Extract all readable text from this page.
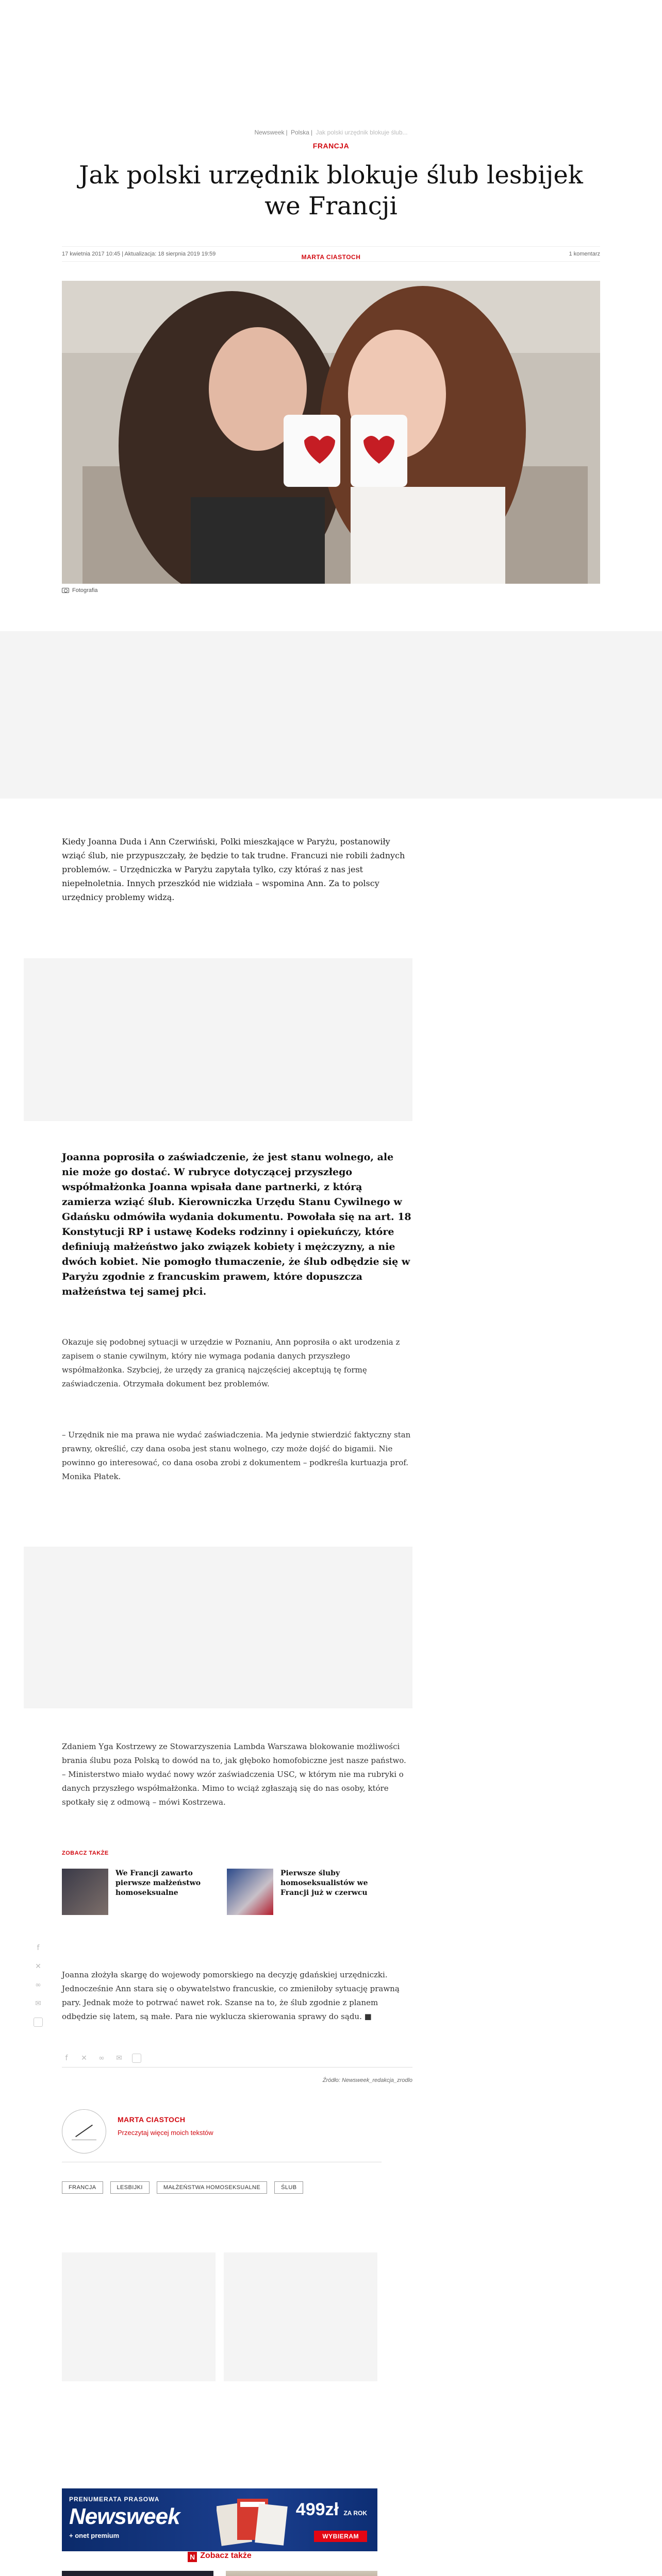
Newsweek | Polska | Jak polski urzędnik blokuje ślub...
FRANCJA
Jak polski urzędnik blokuje ślub lesbijek we Francji
17 kwietnia 2017 10:45 | Aktualizacja: 18 sierpnia 2019 19:59	1 komentarz
MARTA CIASTOCH
Fotografia
Kiedy Joanna Duda i Ann Czerwiński, Polki mieszkające w Paryżu, postanowiły wziąć ślub, nie przypuszczały, że będzie to tak trudne. Francuzi nie robili żadnych problemów. – Urzędniczka w Paryżu zapytała tylko, czy któraś z nas jest niepełnoletnia. Innych przeszkód nie widziała – wspomina Ann. Za to polscy urzędnicy problemy widzą.
Joanna poprosiła o zaświadczenie, że jest stanu wolnego, ale nie może go dostać. W rubryce dotyczącej przyszłego współmałżonka Joanna wpisała dane partnerki, z którą zamierza wziąć ślub. Kierowniczka Urzędu Stanu Cywilnego w Gdańsku odmówiła wydania dokumentu. Powołała się na art. 18 Konstytucji RP i ustawę Kodeks rodzinny i opiekuńczy, które definiują małżeństwo jako związek kobiety i mężczyzny, a nie dwóch kobiet. Nie pomogło tłumaczenie, że ślub odbędzie się w Paryżu zgodnie z francuskim prawem, które dopuszcza małżeństwa tej samej płci.
Okazuje się podobnej sytuacji w urzędzie w Poznaniu, Ann poprosiła o akt urodzenia z zapisem o stanie cywilnym, który nie wymaga podania danych przyszłego współmałżonka. Szybciej, że urzędy za granicą najczęściej akceptują tę formę zaświadczenia. Otrzymała dokument bez problemów.
– Urzędnik nie ma prawa nie wydać zaświadczenia. Ma jedynie stwierdzić faktyczny stan prawny, określić, czy dana osoba jest stanu wolnego, czy może dojść do bigamii. Nie powinno go interesować, co dana osoba zrobi z dokumentem – podkreśla kurtuazja prof. Monika Płatek.
Zdaniem Yga Kostrzewy ze Stowarzyszenia Lambda Warszawa blokowanie możliwości brania ślubu poza Polską to dowód na to, jak głęboko homofobiczne jest nasze państwo. – Ministerstwo miało wydać nowy wzór zaświadczenia USC, w którym nie ma rubryki o danych przyszłego współmałżonka. Mimo to wciąż zgłaszają się do nas osoby, które spotkały się z odmową – mówi Kostrzewa.
ZOBACZ TAKŻE
We Francji zawarto pierwsze małżeństwo homoseksualne
Pierwsze śluby homoseksualistów we Francji już w czerwcu
f
✕
∞
✉
Joanna złożyła skargę do wojewody pomorskiego na decyzję gdańskiej urzędniczki. Jednocześnie Ann stara się o obywatelstwo francuskie, co zmieniłoby sytuację prawną pary. Jednak może to potrwać nawet rok. Szanse na to, że ślub zgodnie z planem odbędzie się latem, są małe. Para nie wyklucza skierowania sprawy do sądu. ■
f	✕ ∞ ✉
Źródło: Newsweek_redakcja_zrodlo
MARTA CIASTOCH
Przeczytaj więcej moich tekstów
FRANCJA	LESBIJKI	MAŁŻEŃSTWA HOMOSEKSUALNE	ŚLUB
PRENUMERATA PRASOWA
Newsweek
+ onet premium
499zł ZA ROK
WYBIERAM
N Zobacz także
